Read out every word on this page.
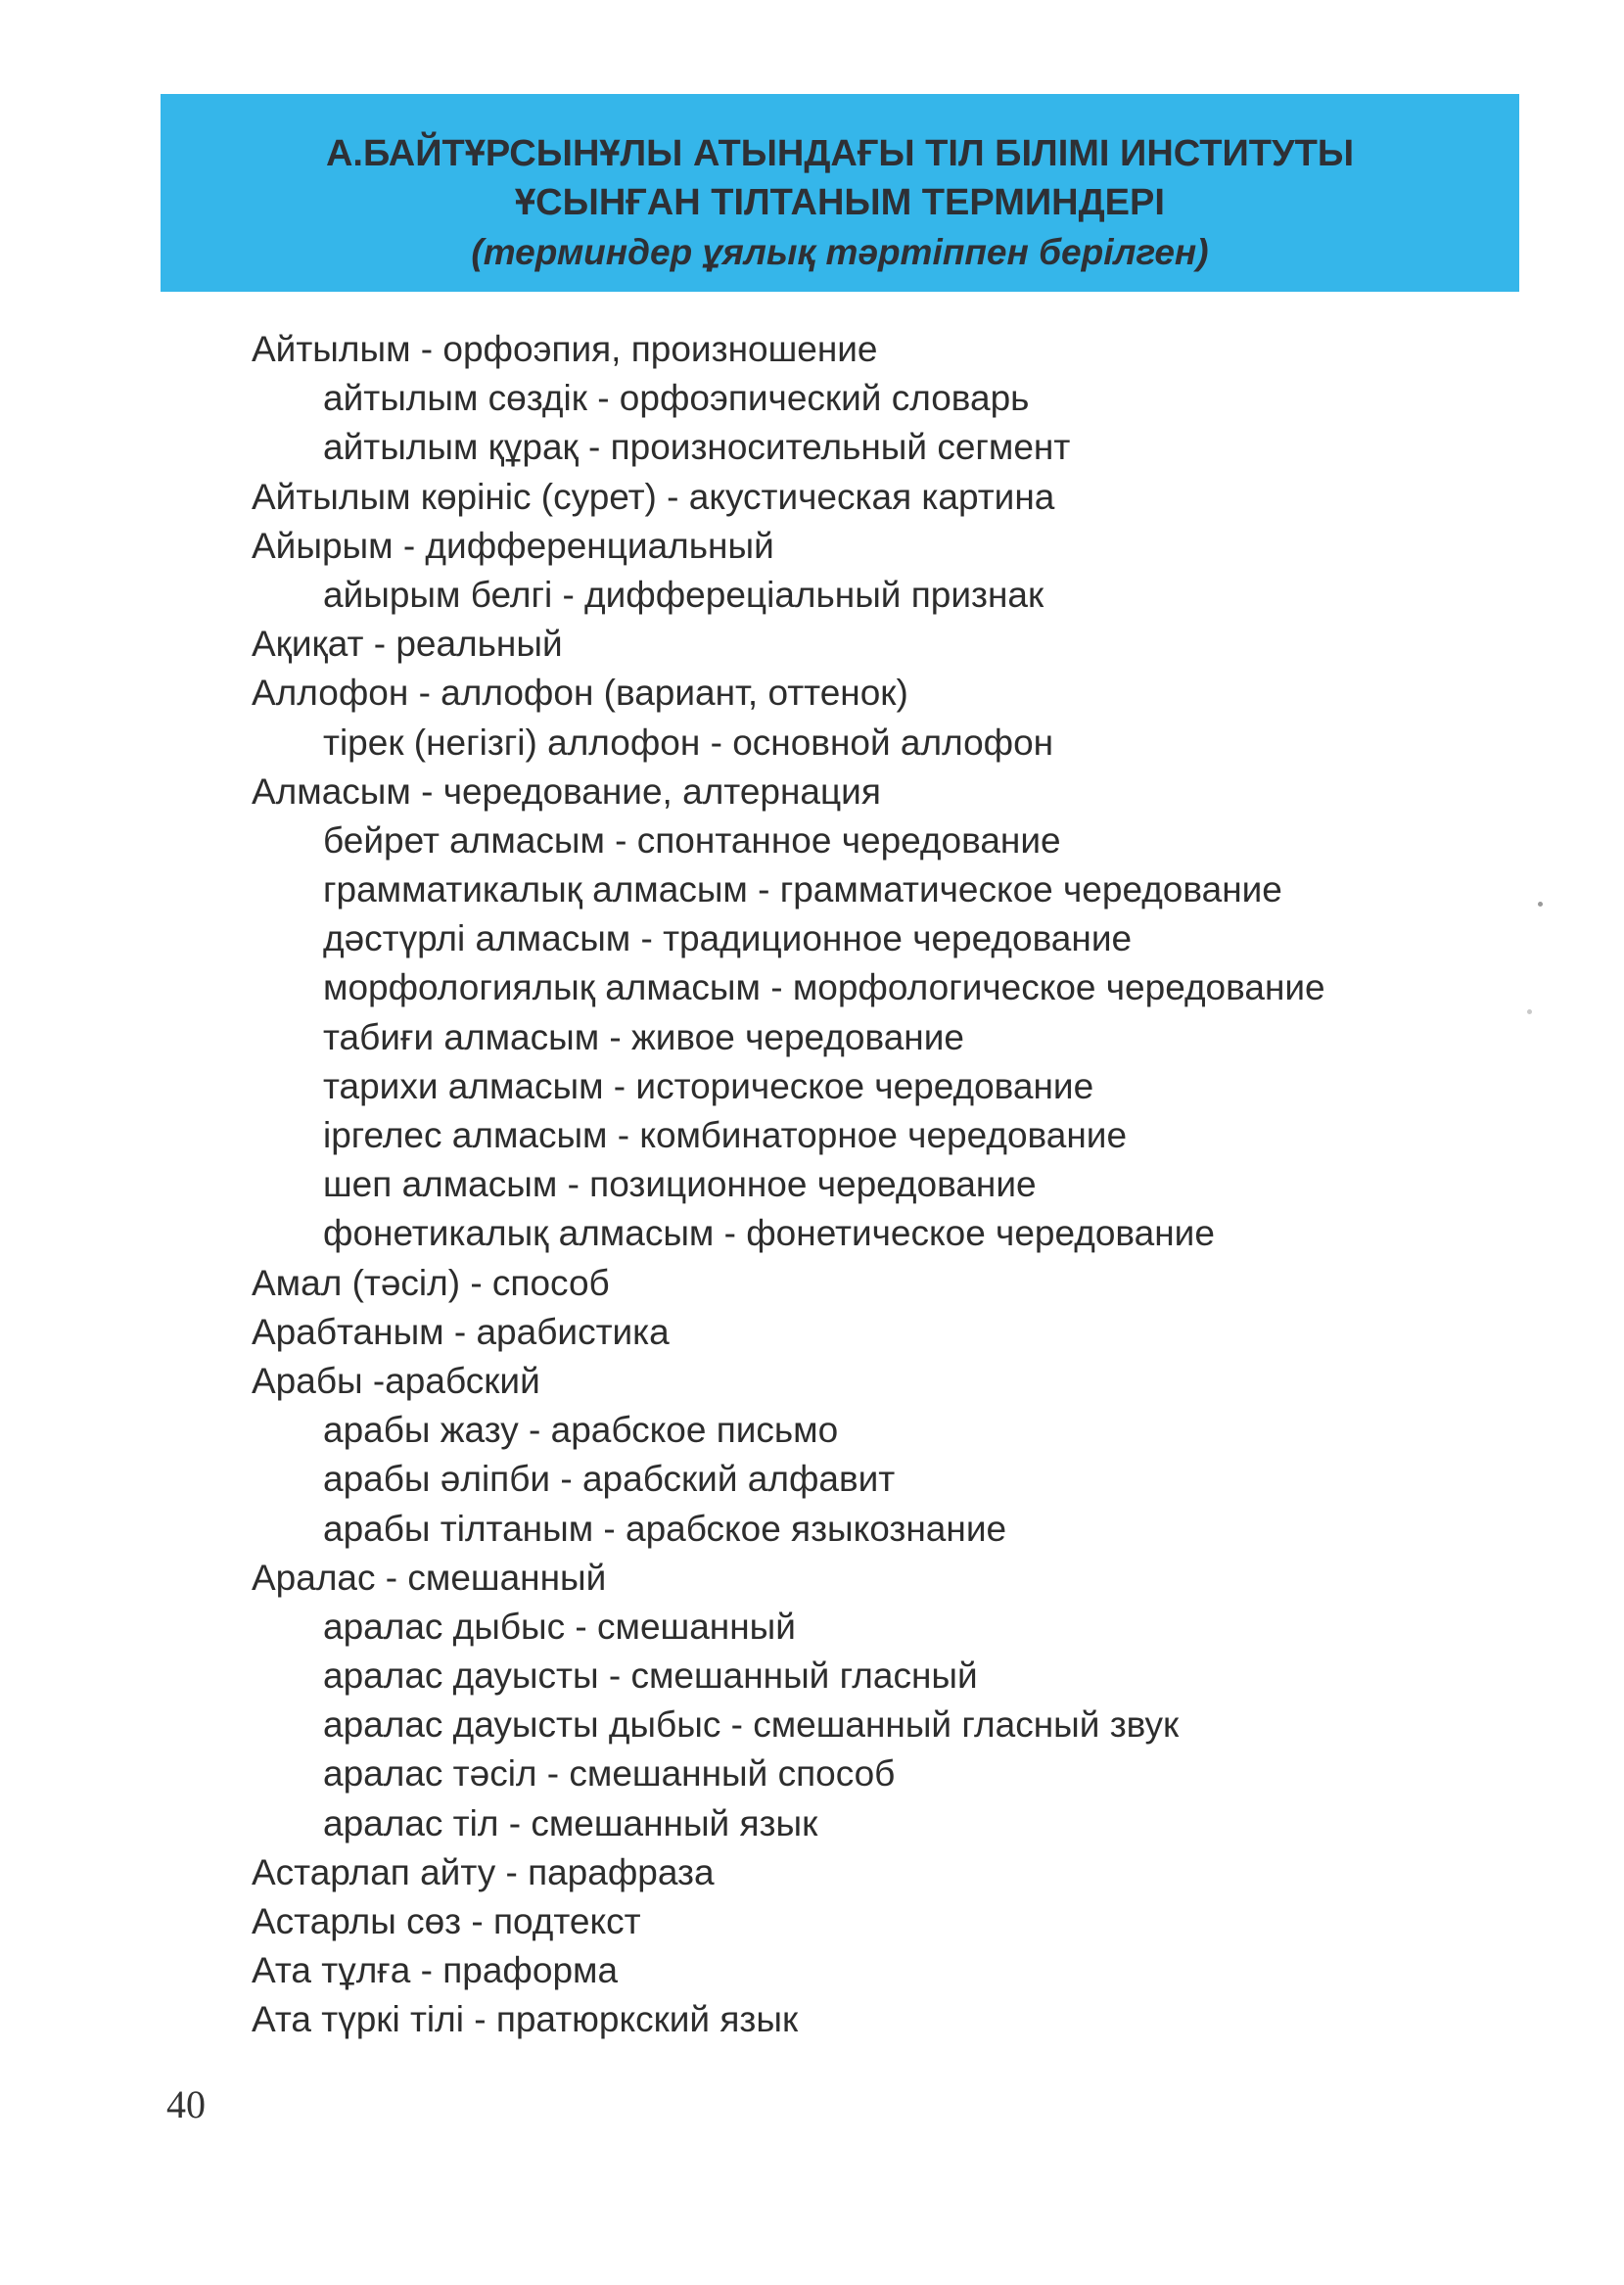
А.БАЙТҰРСЫНҰЛЫ АТЫНДАҒЫ ТІЛ БІЛІМІ ИНСТИТУТЫ
ҰСЫНҒАН ТІЛТАНЫМ ТЕРМИНДЕРІ
(терминдер ұялық тәртіппен берілген)
Айтылым - орфоэпия, произношение
айтылым сөздік - орфоэпический словарь
айтылым құрақ - произносительный сегмент
Айтылым көрініс (сурет) - акустическая картина
Айырым - дифференциальный
айырым белгі - диффереціальный признак
Ақиқат - реальный
Аллофон - аллофон (вариант, оттенок)
тірек (негізгі) аллофон - основной аллофон
Алмасым - чередование, алтернация
бейрет алмасым - спонтанное чередование
грамматикалық алмасым - грамматическое чередование
дәстүрлі алмасым - традиционное чередование
морфологиялық алмасым - морфологическое чередование
табиғи алмасым - живое чередование
тарихи алмасым - историческое чередование
іргелес алмасым - комбинаторное чередование
шеп алмасым - позиционное чередование
фонетикалық алмасым - фонетическое чередование
Амал (тәсіл) - способ
Арабтаным - арабистика
Арабы -арабский
арабы жазу - арабское письмо
арабы әліпби - арабский алфавит
арабы тілтаным - арабское языкознание
Аралас - смешанный
аралас дыбыс - смешанный
аралас дауысты - смешанный гласный
аралас дауысты дыбыс - смешанный гласный звук
аралас тәсіл - смешанный способ
аралас тіл - смешанный язык
Астарлап айту - парафраза
Астарлы сөз - подтекст
Ата тұлға - праформа
Ата түркі тілі - пратюркский язык
40
